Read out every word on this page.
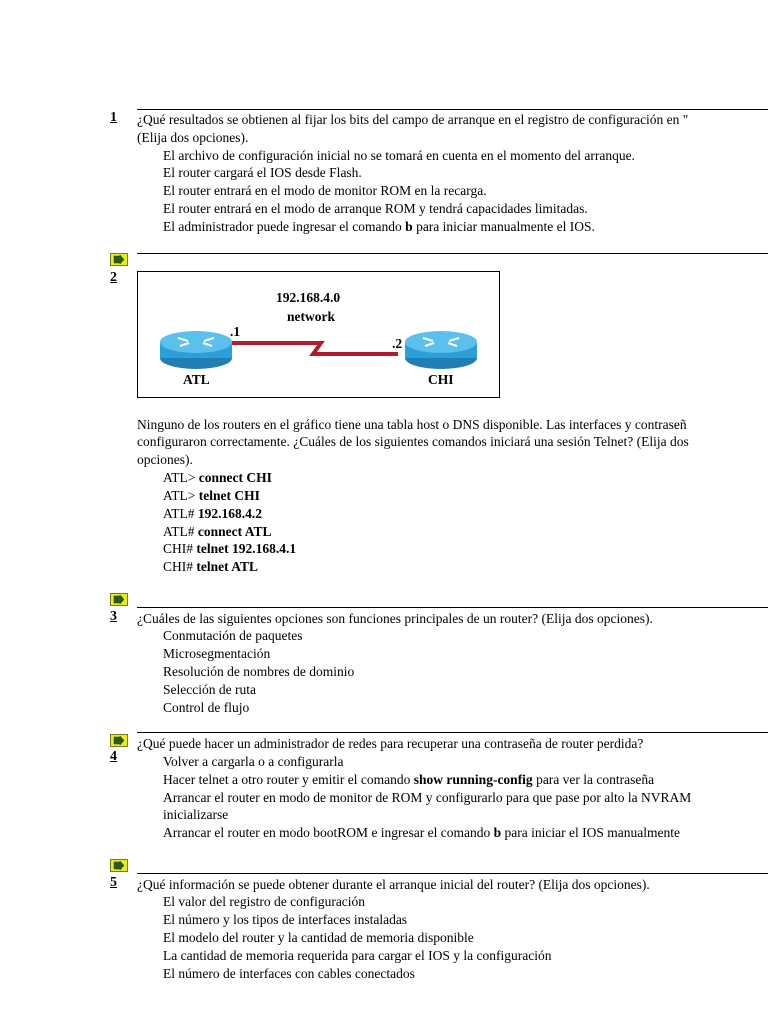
1 ¿Qué resultados se obtienen al fijar los bits del campo de arranque en el registro de configuración en "
(Elija dos opciones).
El archivo de configuración inicial no se tomará en cuenta en el momento del arranque.
El router cargará el IOS desde Flash.
El router entrará en el modo de monitor ROM en la recarga.
El router entrará en el modo de arranque ROM y tendrá capacidades limitadas.
El administrador puede ingresar el comando b para iniciar manualmente el IOS.
2
192.168.4.0
network
.1
.2
ATL	CHI
Ninguno de los routers en el gráfico tiene una tabla host o DNS disponible. Las interfaces y contraseñ
configuraron correctamente. ¿Cuáles de los siguientes comandos iniciará una sesión Telnet? (Elija dos
opciones).
ATL> connect CHI
ATL> telnet CHI
ATL# 192.168.4.2
ATL# connect ATL
CHI# telnet 192.168.4.1
CHI# telnet ATL
3 ¿Cuáles de las siguientes opciones son funciones principales de un router? (Elija dos opciones).
Conmutación de paquetes
Microsegmentación
Resolución de nombres de dominio
Selección de ruta
Control de flujo
¿Qué puede hacer un administrador de redes para recuperar una contraseña de router perdida?
4	Volver a cargarla o a configurarla
Hacer telnet a otro router y emitir el comando show running-config para ver la contraseña
Arrancar el router en modo de monitor de ROM y configurarlo para que pase por alto la NVRAM
inicializarse
Arrancar el router en modo bootROM e ingresar el comando b para iniciar el IOS manualmente
5 ¿Qué información se puede obtener durante el arranque inicial del router? (Elija dos opciones).
El valor del registro de configuración
El número y los tipos de interfaces instaladas
El modelo del router y la cantidad de memoria disponible
La cantidad de memoria requerida para cargar el IOS y la configuración
El número de interfaces con cables conectados
